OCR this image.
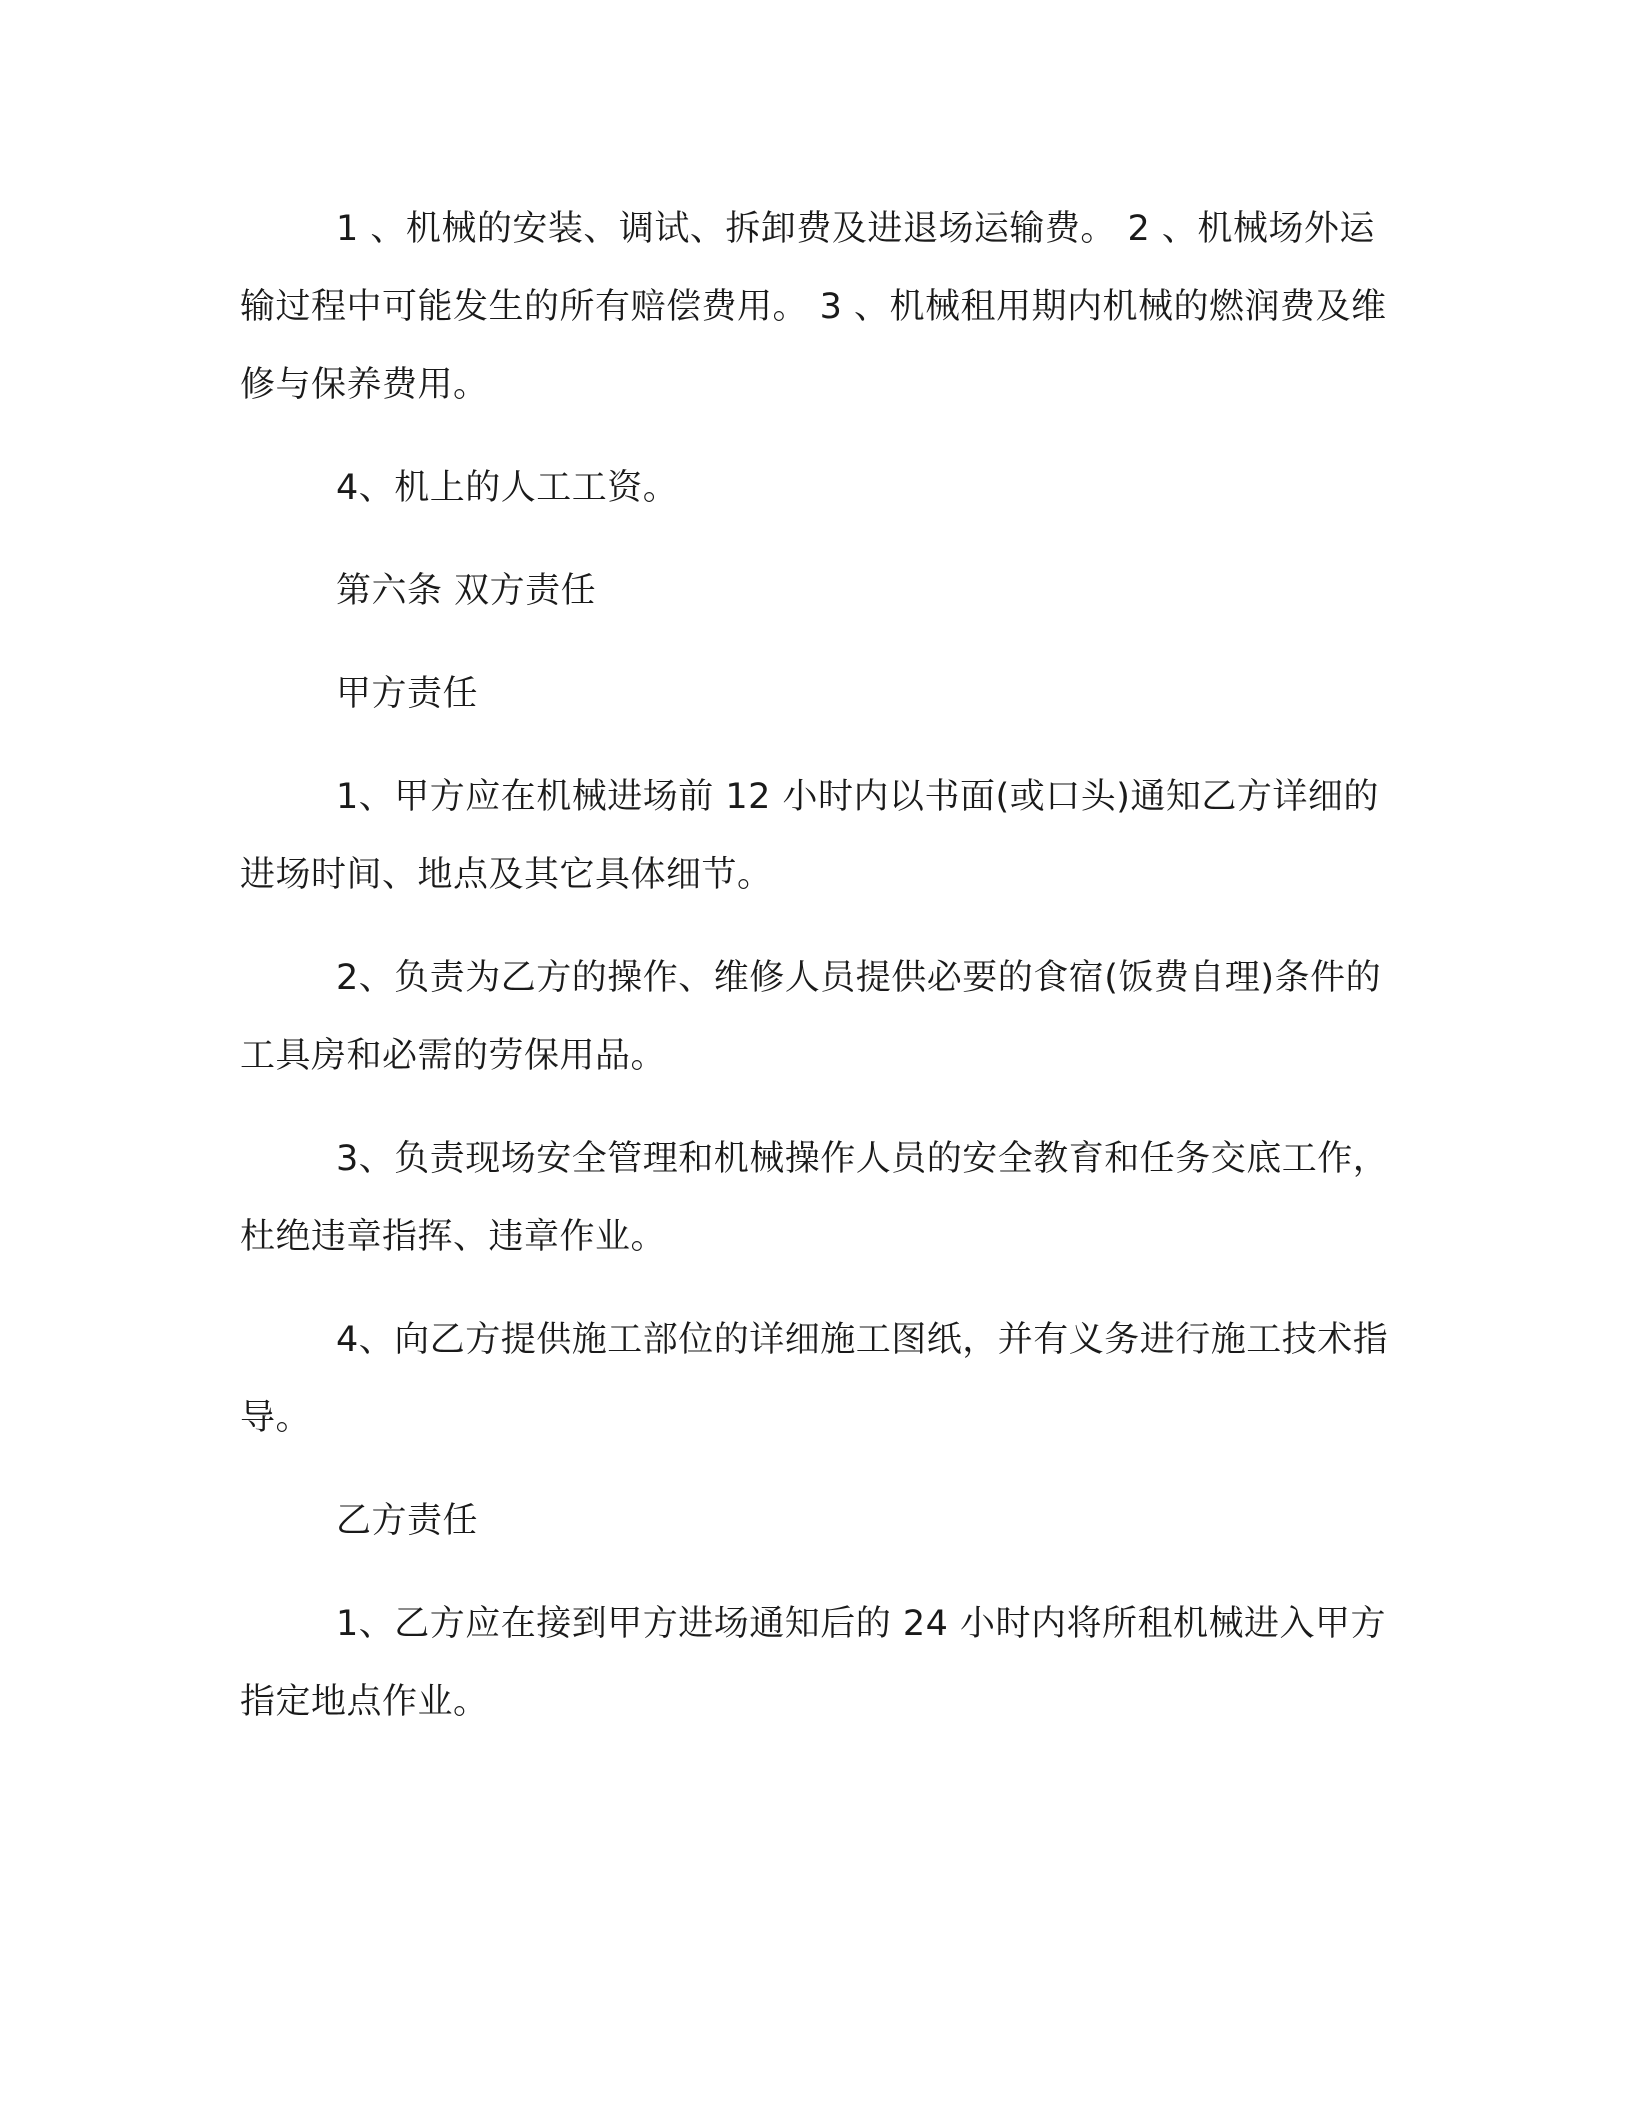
1 、机械的安装、调试、拆卸费及进退场运输费。 2 、机械场外运输过程中可能发生的所有赔偿费用。 3 、机械租用期内机械的燃润费及维修与保养费用。

4、机上的人工工资。

第六条 双方责任

甲方责任

1、甲方应在机械进场前 12 小时内以书面(或口头)通知乙方详细的进场时间、地点及其它具体细节。

2、负责为乙方的操作、维修人员提供必要的食宿(饭费自理)条件的工具房和必需的劳保用品。

3、负责现场安全管理和机械操作人员的安全教育和任务交底工作，杜绝违章指挥、违章作业。

4、向乙方提供施工部位的详细施工图纸，并有义务进行施工技术指导。

乙方责任

1、乙方应在接到甲方进场通知后的 24 小时内将所租机械进入甲方指定地点作业。
